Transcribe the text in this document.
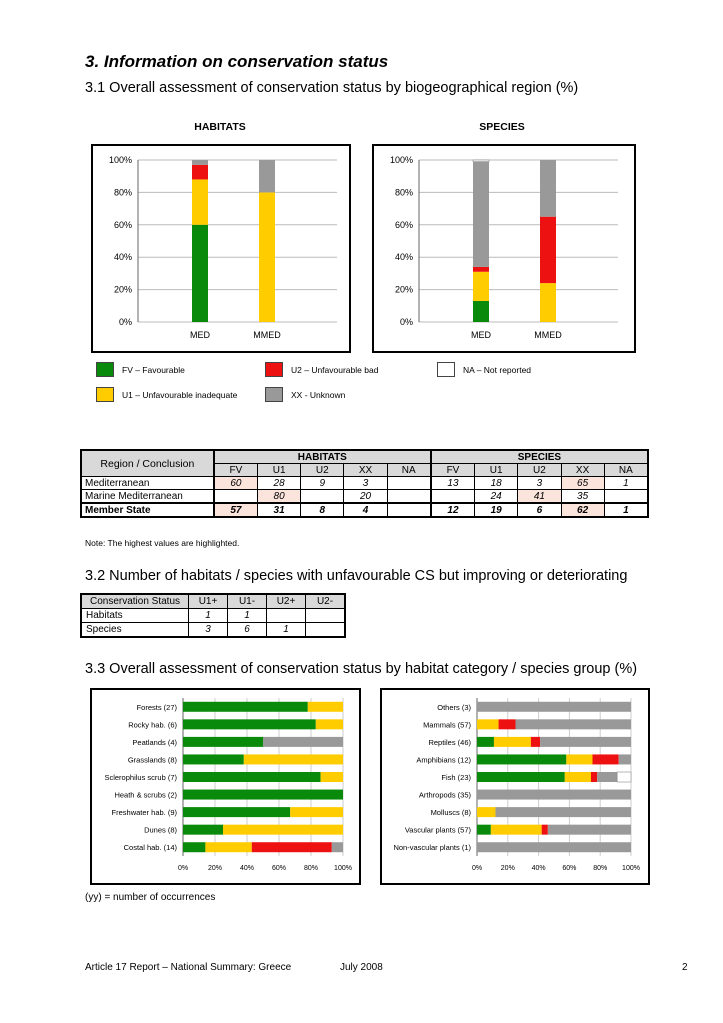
3. Information on conservation status
3.1 Overall assessment of conservation status by biogeographical region (%)
HABITATS	SPECIES
100%
80%
60%
40%
20%
0%
MED	MMED
100%
80%
60%
40%
20%
0%
MED	MMED
FV – Favourable	U2 – Unfavourable bad	NA – Not reported
U1 – Unfavourable inadequate	XX - Unknown
Region / Conclusion	HABITATS					SPECIES				
	FV	U1	U2	XX	NA	FV	U1	U2	XX	NA
Mediterranean	60	28	9	3		13	18	3	65	1
Marine Mediterranean		80		20			24	41	35	
Member State	57	31	8	4		12	19	6	62	1
Note: The highest values are highlighted.
3.2 Number of habitats / species with unfavourable CS but improving or deteriorating
Conservation Status	U1+	U1-	U2+	U2-
Habitats	1	1		
Species	3	6	1	
3.3 Overall assessment of conservation status by habitat category / species group (%)
0%	20%	40%	60%	80% 100%
Forests (27)
Rocky hab. (6)
Peatlands (4)
Grasslands (8)
Sclerophilus scrub (7)
Heath & scrubs (2)
Freshwater hab. (9)
Dunes (8)
Costal hab. (14)
0%	20% 40% 60% 80% 100%
Others (3)
Mammals (57)
Reptiles (46)
Amphibians (12)
Fish (23)
Arthropods (35)
Molluscs (8)
Vascular plants (57)
Non-vascular plants (1)
(yy) = number of occurrences
Article 17 Report – National Summary: Greece	July 2008	2
